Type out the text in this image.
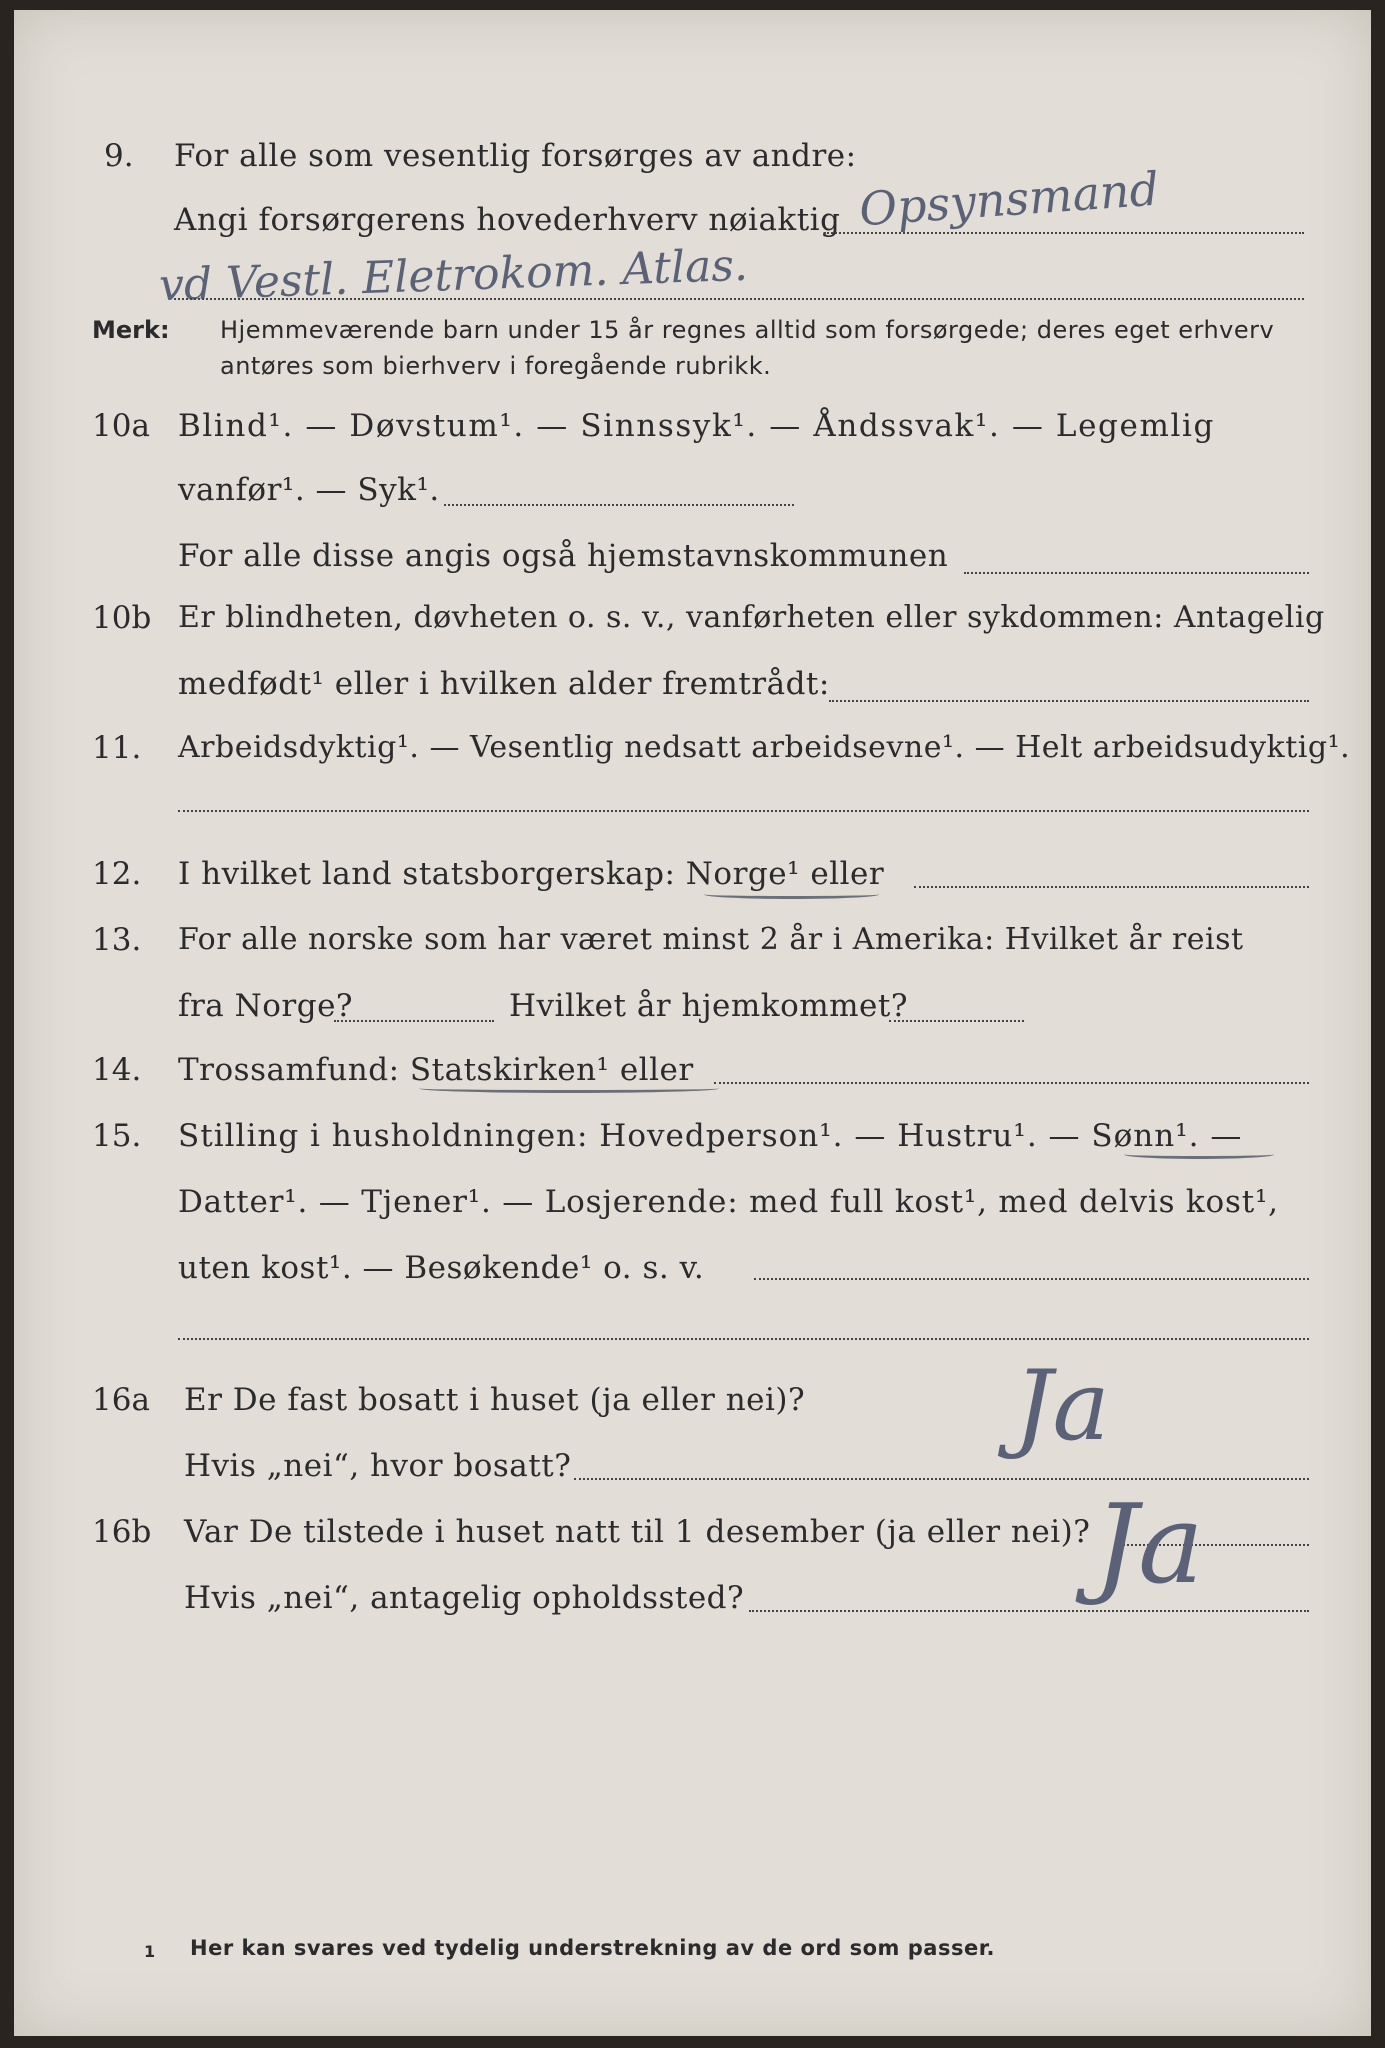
9. For alle som vesentlig forsørges av andre:
Angi forsørgerens hovederhverv nøiaktig Opsynsmand
vd Vestl. Eletrokom. Atlas.
Merk: Hjemmeværende barn under 15 år regnes alltid som forsørgede; deres eget erhverv
antøres som bierhverv i foregående rubrikk.
10a Blind¹. — Døvstum¹. — Sinnssyk¹. — Åndssvak¹. — Legemlig
vanfør¹. — Syk¹.
For alle disse angis også hjemstavnskommunen
10b Er blindheten, døvheten o. s. v., vanførheten eller sykdommen: Antagelig
medfødt¹ eller i hvilken alder fremtrådt:
11. Arbeidsdyktig¹. — Vesentlig nedsatt arbeidsevne¹. — Helt arbeidsudyktig¹.
12. I hvilket land statsborgerskap: Norge¹ eller
13. For alle norske som har været minst 2 år i Amerika: Hvilket år reist
fra Norge?	Hvilket år hjemkommet?
14. Trossamfund: Statskirken¹ eller
15. Stilling i husholdningen: Hovedperson¹. — Hustru¹. — Sønn¹. —
Datter¹. — Tjener¹. — Losjerende: med full kost¹, med delvis kost¹,
uten kost¹. — Besøkende¹ o. s. v.
16a Er De fast bosatt i huset (ja eller nei)? Ja
Hvis „nei“, hvor bosatt?
16b Var De tilstede i huset natt til 1 desember (ja eller nei)? Ja
Hvis „nei“, antagelig opholdssted?
1 Her kan svares ved tydelig understrekning av de ord som passer.
